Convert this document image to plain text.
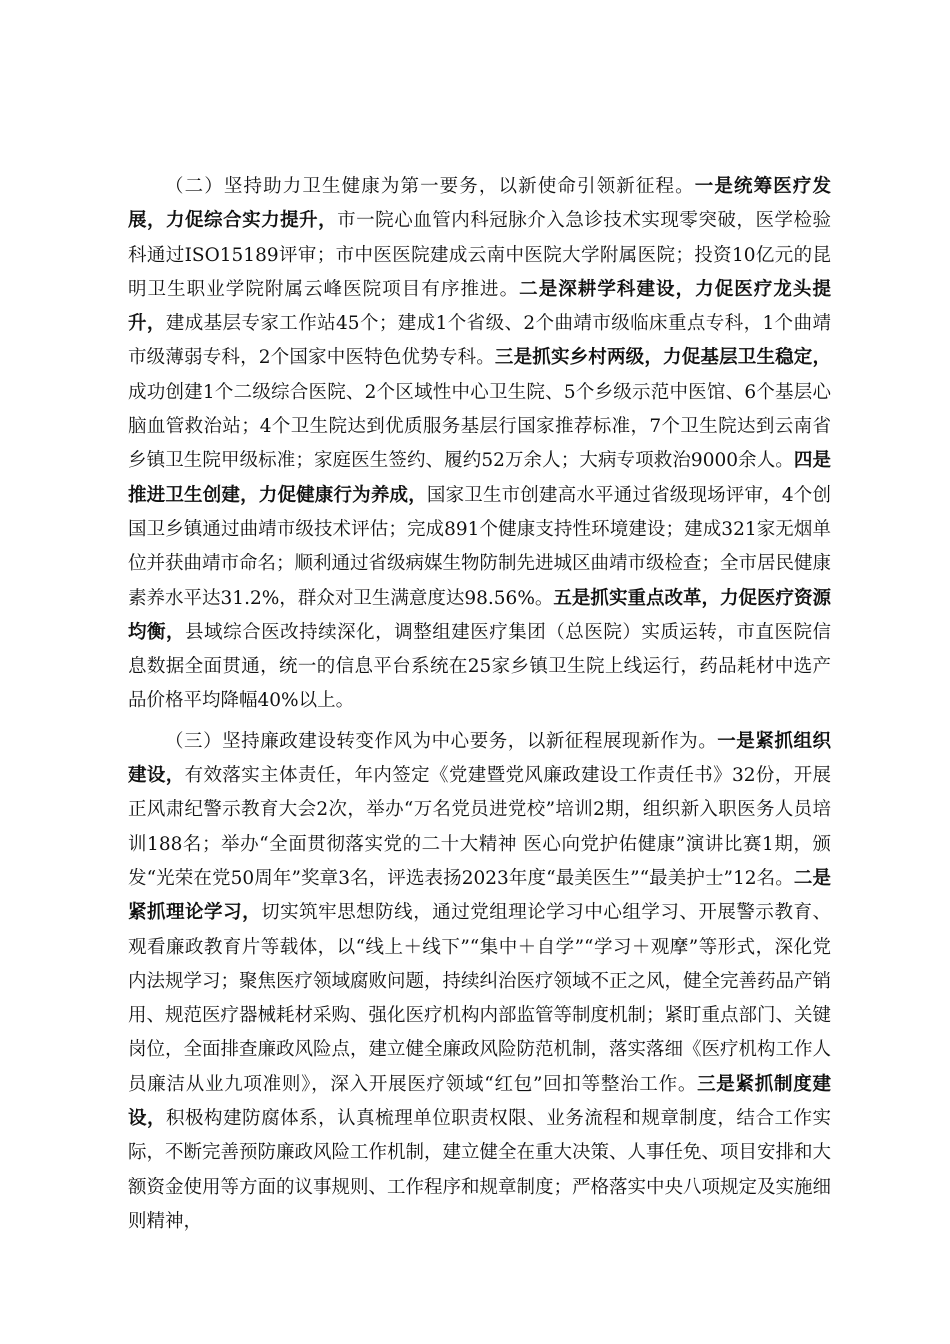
（二）坚持助力卫生健康为第一要务，以新使命引领新征程。一是统筹医疗发展，力促综合实力提升，市一院心血管内科冠脉介入急诊技术实现零突破，医学检验科通过ISO15189评审；市中医医院建成云南中医院大学附属医院；投资10亿元的昆明卫生职业学院附属云峰医院项目有序推进。二是深耕学科建设，力促医疗龙头提升，建成基层专家工作站45个；建成1个省级、2个曲靖市级临床重点专科，1个曲靖市级薄弱专科，2个国家中医特色优势专科。三是抓实乡村两级，力促基层卫生稳定，成功创建1个二级综合医院、2个区域性中心卫生院、5个乡级示范中医馆、6个基层心脑血管救治站；4个卫生院达到优质服务基层行国家推荐标准，7个卫生院达到云南省乡镇卫生院甲级标准；家庭医生签约、履约52万余人；大病专项救治9000余人。四是推进卫生创建，力促健康行为养成，国家卫生市创建高水平通过省级现场评审，4个创国卫乡镇通过曲靖市级技术评估；完成891个健康支持性环境建设；建成321家无烟单位并获曲靖市命名；顺利通过省级病媒生物防制先进城区曲靖市级检查；全市居民健康素养水平达31.2%，群众对卫生满意度达98.56%。五是抓实重点改革，力促医疗资源均衡，县域综合医改持续深化，调整组建医疗集团（总医院）实质运转，市直医院信息数据全面贯通，统一的信息平台系统在25家乡镇卫生院上线运行，药品耗材中选产品价格平均降幅40%以上。

（三）坚持廉政建设转变作风为中心要务，以新征程展现新作为。一是紧抓组织建设，有效落实主体责任，年内签定《党建暨党风廉政建设工作责任书》32份，开展正风肃纪警示教育大会2次，举办“万名党员进党校”培训2期，组织新入职医务人员培训188名；举办“全面贯彻落实党的二十大精神 医心向党护佑健康”演讲比赛1期，颁发“光荣在党50周年”奖章3名，评选表扬2023年度“最美医生”“最美护士”12名。二是紧抓理论学习，切实筑牢思想防线，通过党组理论学习中心组学习、开展警示教育、观看廉政教育片等载体，以“线上＋线下”“集中＋自学”“学习＋观摩”等形式，深化党内法规学习；聚焦医疗领域腐败问题，持续纠治医疗领域不正之风，健全完善药品产销用、规范医疗器械耗材采购、强化医疗机构内部监管等制度机制；紧盯重点部门、关键岗位，全面排查廉政风险点，建立健全廉政风险防范机制，落实落细《医疗机构工作人员廉洁从业九项准则》，深入开展医疗领域“红包”回扣等整治工作。三是紧抓制度建设，积极构建防腐体系，认真梳理单位职责权限、业务流程和规章制度，结合工作实际，不断完善预防廉政风险工作机制，建立健全在重大决策、人事任免、项目安排和大额资金使用等方面的议事规则、工作程序和规章制度；严格落实中央八项规定及实施细则精神，
